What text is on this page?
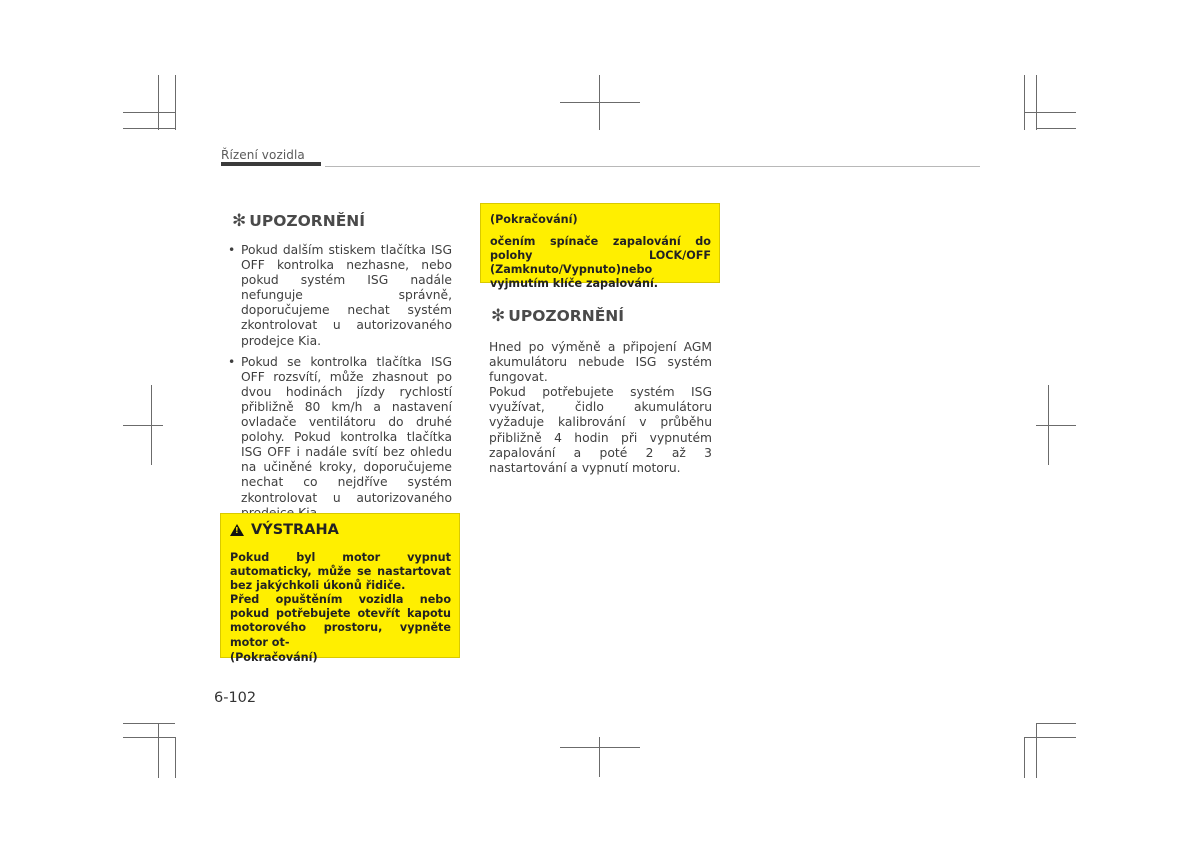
Řízení vozidla
✻ UPOZORNĚNÍ
• Pokud dalším stiskem tlačítka ISG OFF kontrolka nezhasne, nebo pokud systém ISG nadále nefunguje správně, doporučujeme nechat systém zkontrolovat u autorizovaného prodejce Kia.
• Pokud se kontrolka tlačítka ISG OFF rozsvítí, může zhasnout po dvou hodinách jízdy rychlostí přibližně 80 km/h a nastavení ovladače ventilátoru do druhé polohy. Pokud kontrolka tlačítka ISG OFF i nadále svítí bez ohledu na učiněné kroky, doporučujeme nechat co nejdříve systém zkontrolovat u autorizovaného
! VÝSTRAHA
Pokud byl motor vypnut automaticky, může se nastartovat bez jakýchkoli úkonů řidiče.
Před opuštěním vozidla nebo pokud potřebujete otevřít kapotu motorového prostoru, vypněte motor ot-
(Pokračování)
(Pokračování)
očením spínače zapalování do polohy LOCK/OFF (Zamknuto/Vypnuto)nebo vyjmutím klíče zapalování.
✻ UPOZORNĚNÍ

Hned po výměně a připojení AGM akumulátoru nebude ISG systém fungovat.

Pokud potřebujete systém ISG využívat, čidlo akumulátoru vyžaduje kalibrování v průběhu přibližně 4 hodin při vypnutém zapalování a poté 2 až 3 nastartování a vypnutí motoru.

6-102
